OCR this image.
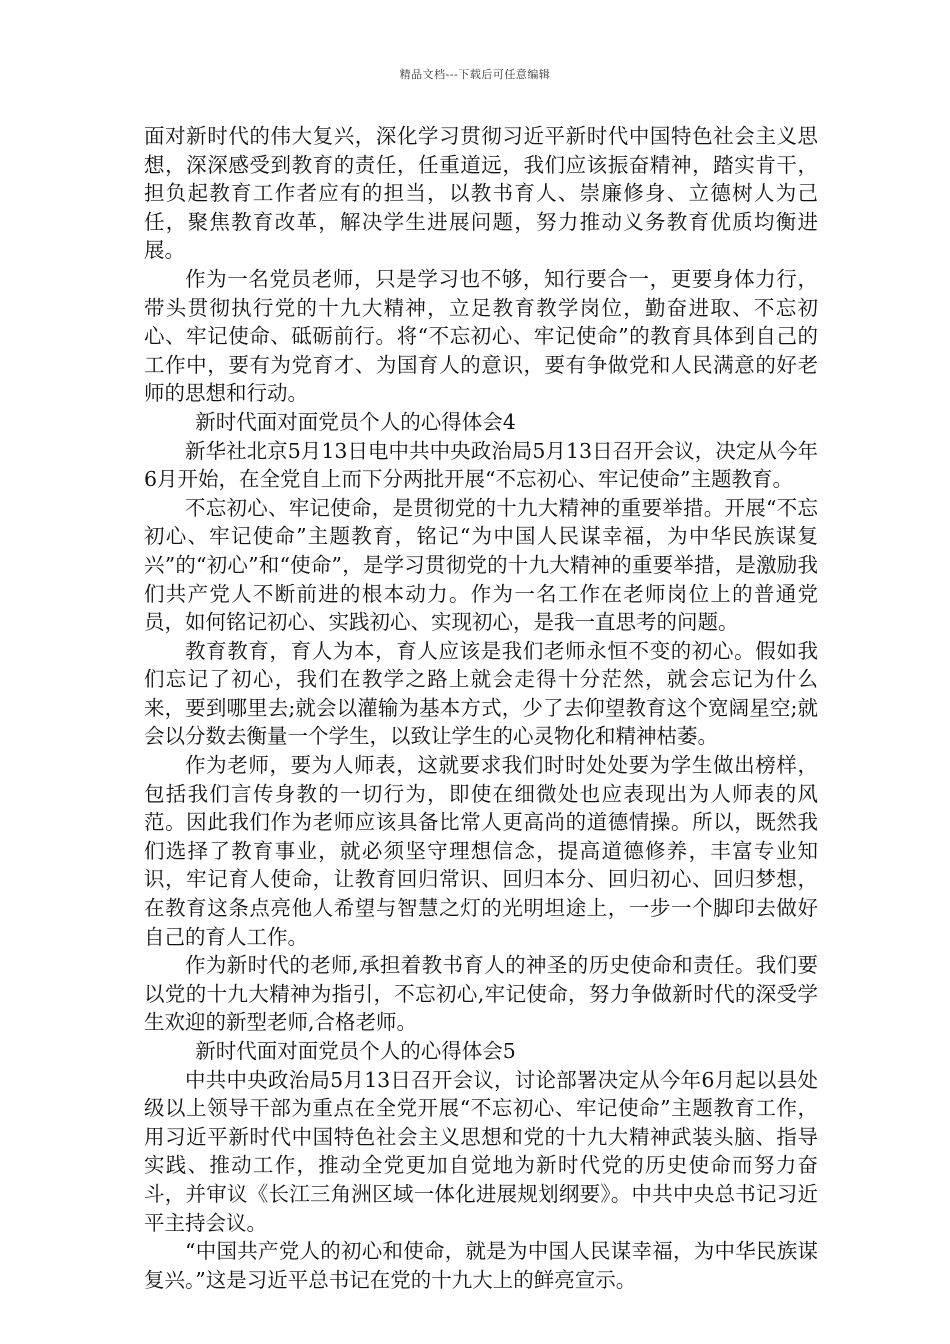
精品文档---下载后可任意编辑

面对新时代的伟大复兴，深化学习贯彻习近平新时代中国特色社会主义思想，深深感受到教育的责任，任重道远，我们应该振奋精神，踏实肯干，担负起教育工作者应有的担当，以教书育人、崇廉修身、立德树人为己任，聚焦教育改革，解决学生进展问题，努力推动义务教育优质均衡进展。

作为一名党员老师，只是学习也不够，知行要合一，更要身体力行，带头贯彻执行党的十九大精神，立足教育教学岗位，勤奋进取、不忘初心、牢记使命、砥砺前行。将“不忘初心、牢记使命”的教育具体到自己的工作中，要有为党育才、为国育人的意识，要有争做党和人民满意的好老师的思想和行动。

新时代面对面党员个人的心得体会4

新华社北京5月13日电中共中央政治局5月13日召开会议，决定从今年6月开始，在全党自上而下分两批开展“不忘初心、牢记使命”主题教育。

不忘初心、牢记使命，是贯彻党的十九大精神的重要举措。开展“不忘初心、牢记使命”主题教育，铭记“为中国人民谋幸福，为中华民族谋复兴”的“初心”和“使命”，是学习贯彻党的十九大精神的重要举措，是激励我们共产党人不断前进的根本动力。作为一名工作在老师岗位上的普通党员，如何铭记初心、实践初心、实现初心，是我一直思考的问题。

教育教育，育人为本，育人应该是我们老师永恒不变的初心。假如我们忘记了初心，我们在教学之路上就会走得十分茫然，就会忘记为什么来，要到哪里去;就会以灌输为基本方式，少了去仰望教育这个宽阔星空;就会以分数去衡量一个学生，以致让学生的心灵物化和精神枯萎。

作为老师，要为人师表，这就要求我们时时处处要为学生做出榜样，包括我们言传身教的一切行为，即使在细微处也应表现出为人师表的风范。因此我们作为老师应该具备比常人更高尚的道德情操。所以，既然我们选择了教育事业，就必须坚守理想信念，提高道德修养，丰富专业知识，牢记育人使命，让教育回归常识、回归本分、回归初心、回归梦想，在教育这条点亮他人希望与智慧之灯的光明坦途上，一步一个脚印去做好自己的育人工作。

作为新时代的老师,承担着教书育人的神圣的历史使命和责任。我们要以党的十九大精神为指引，不忘初心,牢记使命，努力争做新时代的深受学生欢迎的新型老师,合格老师。

新时代面对面党员个人的心得体会5

中共中央政治局5月13日召开会议，讨论部署决定从今年6月起以县处级以上领导干部为重点在全党开展“不忘初心、牢记使命”主题教育工作，用习近平新时代中国特色社会主义思想和党的十九大精神武装头脑、指导实践、推动工作，推动全党更加自觉地为新时代党的历史使命而努力奋斗，并审议《长江三角洲区域一体化进展规划纲要》。中共中央总书记习近平主持会议。

“中国共产党人的初心和使命，就是为中国人民谋幸福，为中华民族谋复兴。”这是习近平总书记在党的十九大上的鲜亮宣示。
